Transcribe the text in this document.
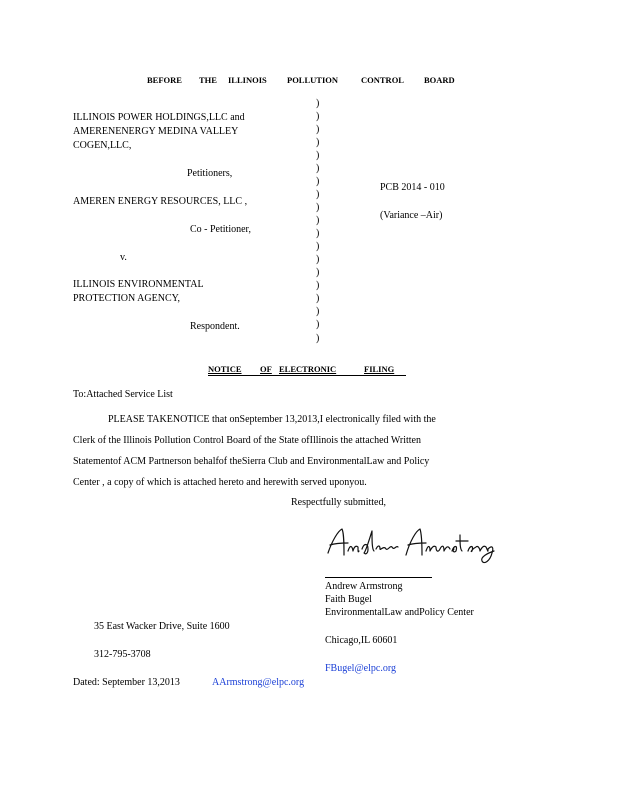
BEFORE THE ILLINOIS POLLUTION	CONTROL BOARD
ILLINOIS POWER HOLDINGS,LLC and
AMERENENERGY MEDINA VALLEY
COGEN,LLC,
Petitioners,
AMEREN ENERGY RESOURCES, LLC ,
Co - Petitioner,
v.
ILLINOIS ENVIRONMENTAL
PROTECTION AGENCY,
Respondent.
)
)
)
)
)
)
)
)
)
)
)
)
)
)
)
)
)
)
)
PCB 2014 - 010
(Variance –Air)
NOTICE OF ELECTRONIC	FILING
To:Attached Service List
PLEASE TAKENOTICE that onSeptember 13,2013,I electronically filed with the
Clerk of the Illinois Pollution Control Board of the State ofIllinois the attached Written
Statementof ACM Partnerson behalfof theSierra Club and EnvironmentalLaw and Policy
Center , a copy of which is attached hereto and herewith served uponyou.
Respectfully submitted,
Andrew Armstrong
Faith Bugel
EnvironmentalLaw andPolicy Center
Chicago,IL 60601
FBugel@elpc.org
35 East Wacker Drive, Suite 1600
312-795-3708
Dated: September 13,2013	AArmstrong@elpc.org
